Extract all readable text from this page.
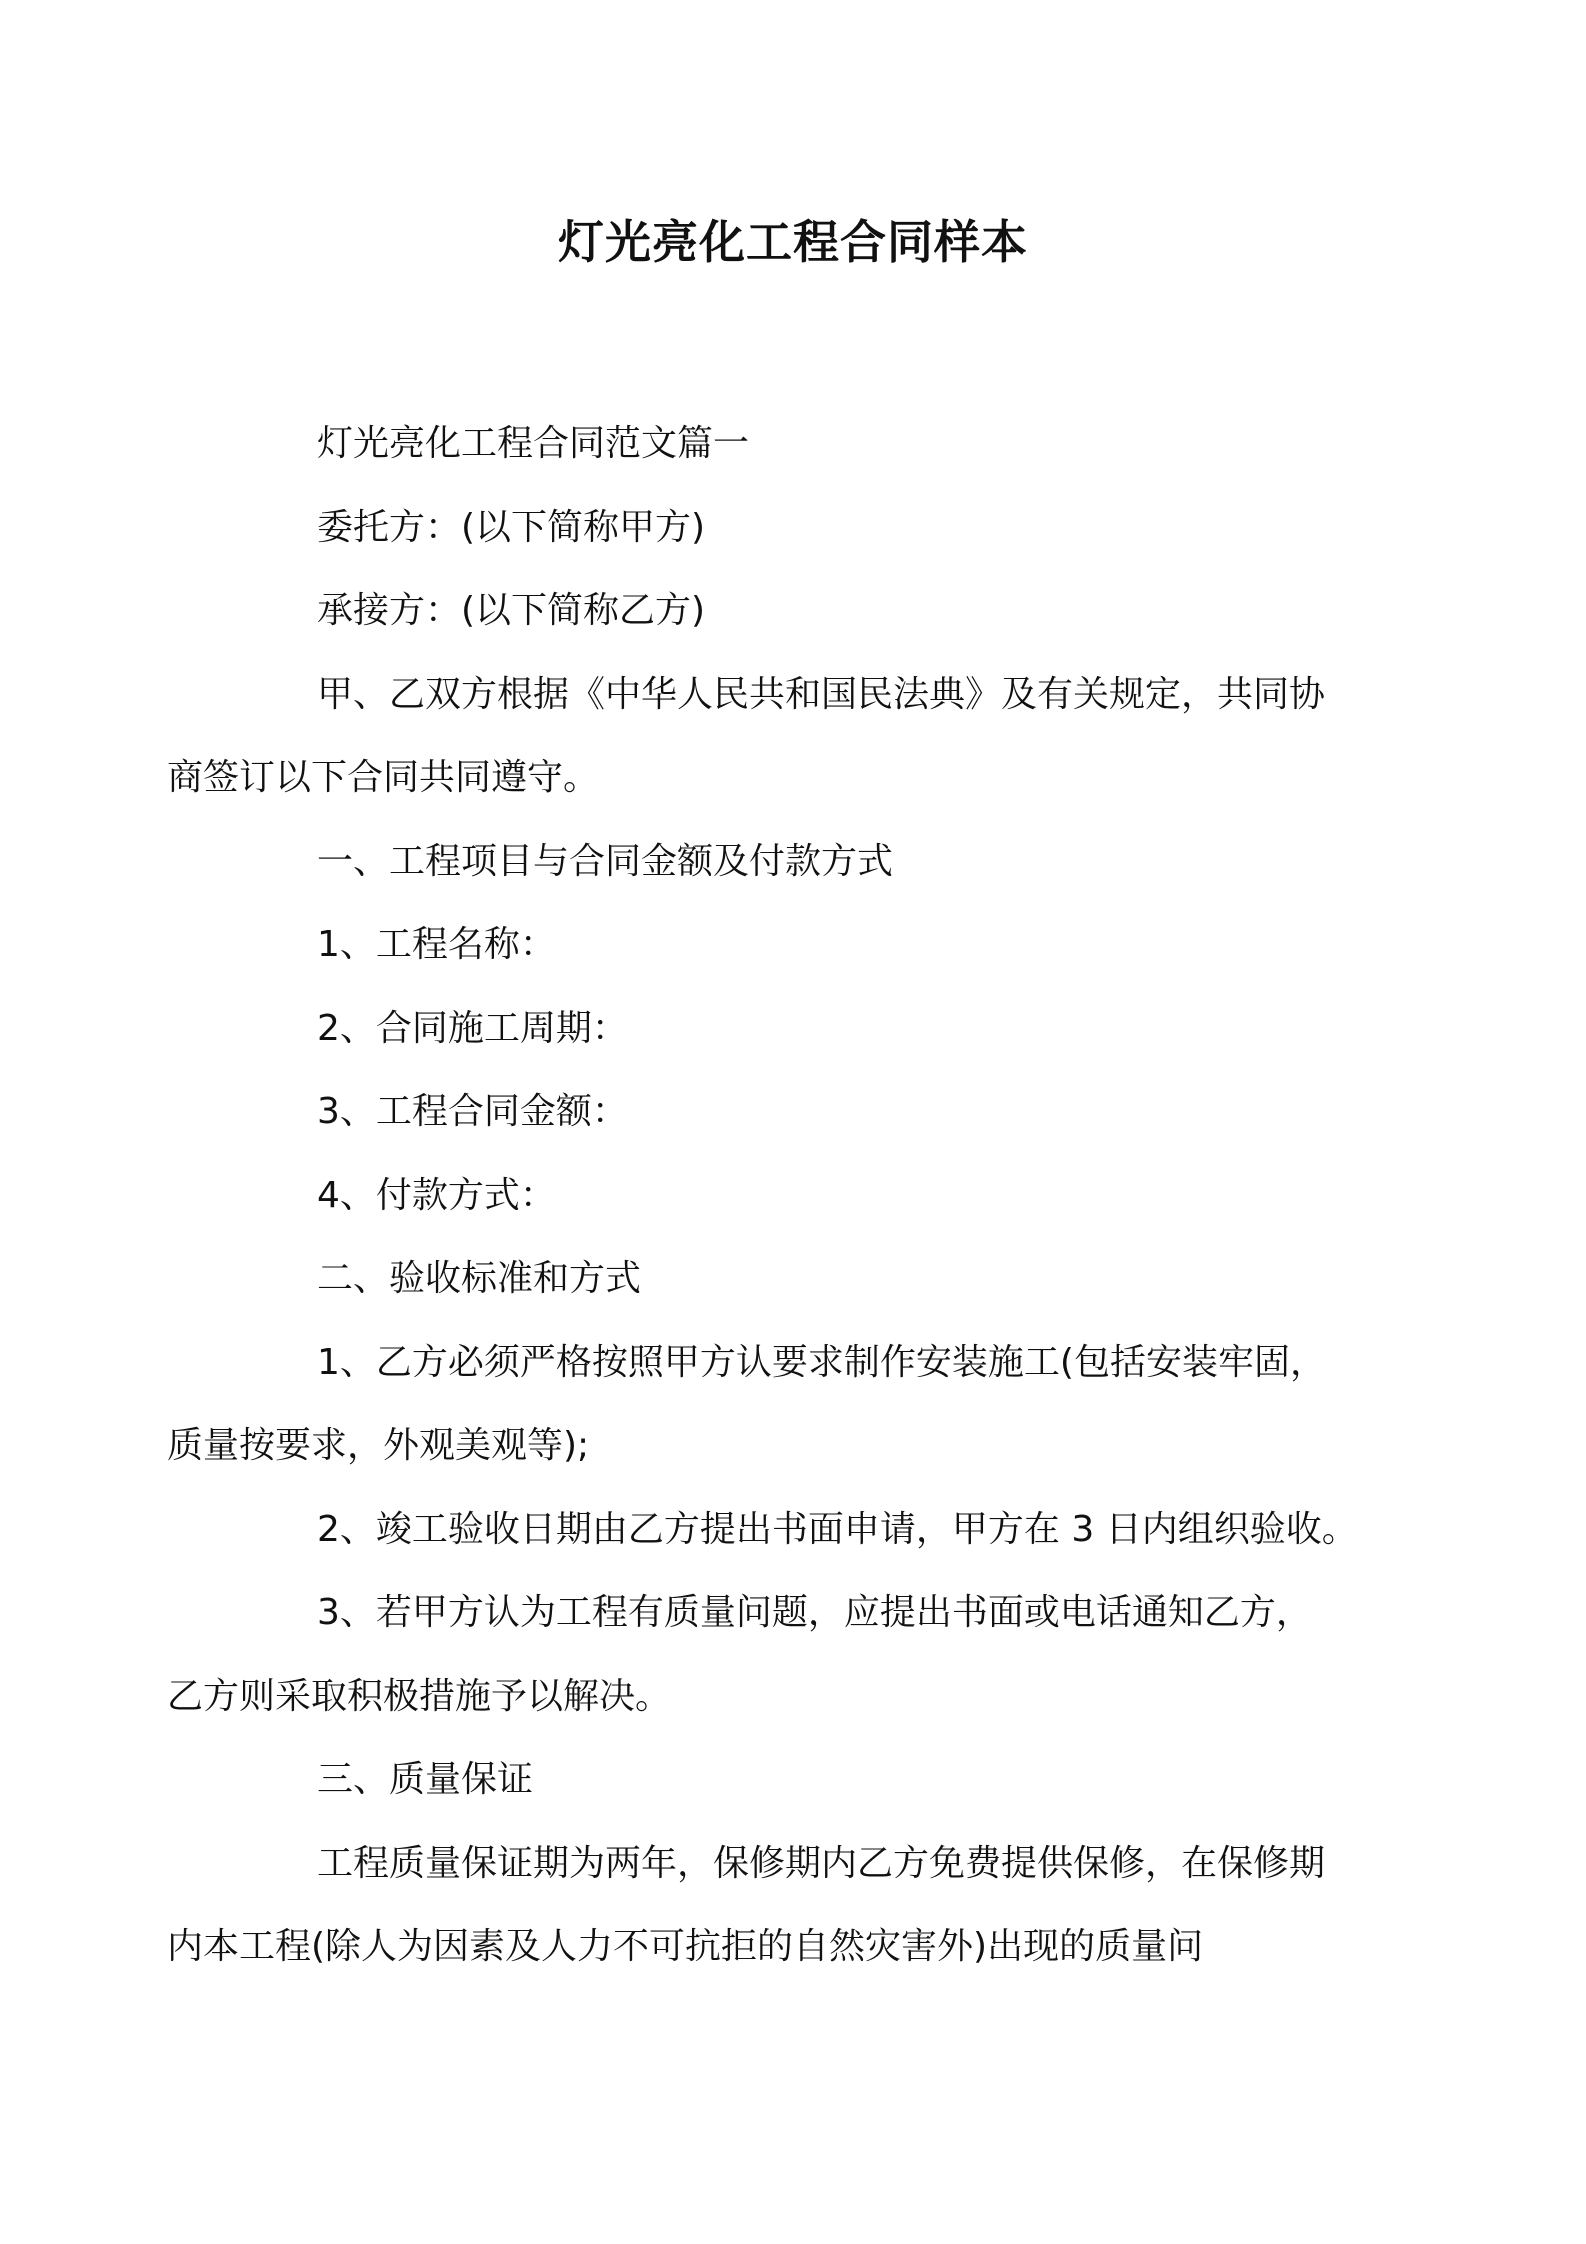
灯光亮化工程合同样本

灯光亮化工程合同范文篇一

委托方：(以下简称甲方)

承接方：(以下简称乙方)

甲、乙双方根据《中华人民共和国民法典》及有关规定，共同协
商签订以下合同共同遵守。

一、工程项目与合同金额及付款方式

1、工程名称：

2、合同施工周期：

3、工程合同金额：

4、付款方式：

二、验收标准和方式

1、乙方必须严格按照甲方认要求制作安装施工(包括安装牢固，
质量按要求，外观美观等);

2、竣工验收日期由乙方提出书面申请，甲方在 3 日内组织验收。

3、若甲方认为工程有质量问题，应提出书面或电话通知乙方，
乙方则采取积极措施予以解决。

三、质量保证

工程质量保证期为两年，保修期内乙方免费提供保修，在保修期
内本工程(除人为因素及人力不可抗拒的自然灾害外)出现的质量问
